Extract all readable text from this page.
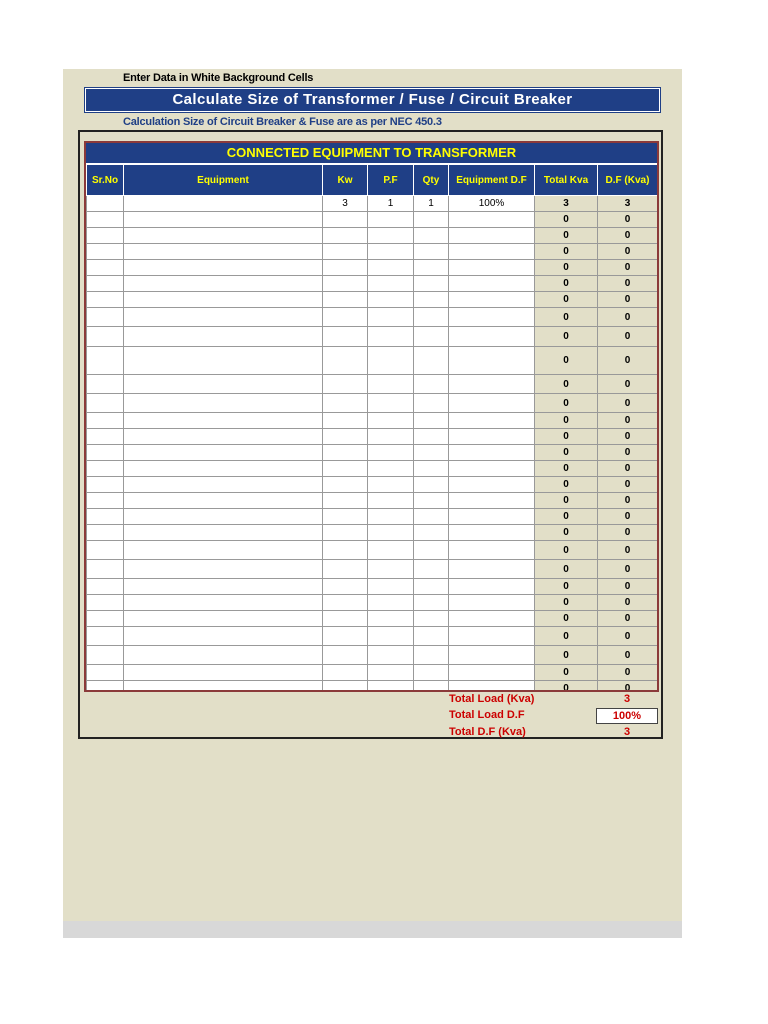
Enter Data in White Background Cells
Calculate Size of Transformer / Fuse / Circuit Breaker
Calculation Size of Circuit Breaker & Fuse are as per NEC 450.3
CONNECTED EQUIPMENT TO TRANSFORMER
Sr.No	Equipment	Kw	P.F	Qty	Equipment D.F	Total Kva	D.F (Kva)
		3	1	1	100%	3	3
						0	0
						0	0
						0	0
						0	0
						0	0
						0	0
						0	0
						0	0
						0	0
						0	0
						0	0
						0	0
						0	0
						0	0
						0	0
						0	0
						0	0
						0	0
						0	0
						0	0
						0	0
						0	0
						0	0
						0	0
						0	0
						0	0
						0	0
						0	0
Total Load (Kva)	3
Total Load D.F	100%
Total D.F (Kva)	3
